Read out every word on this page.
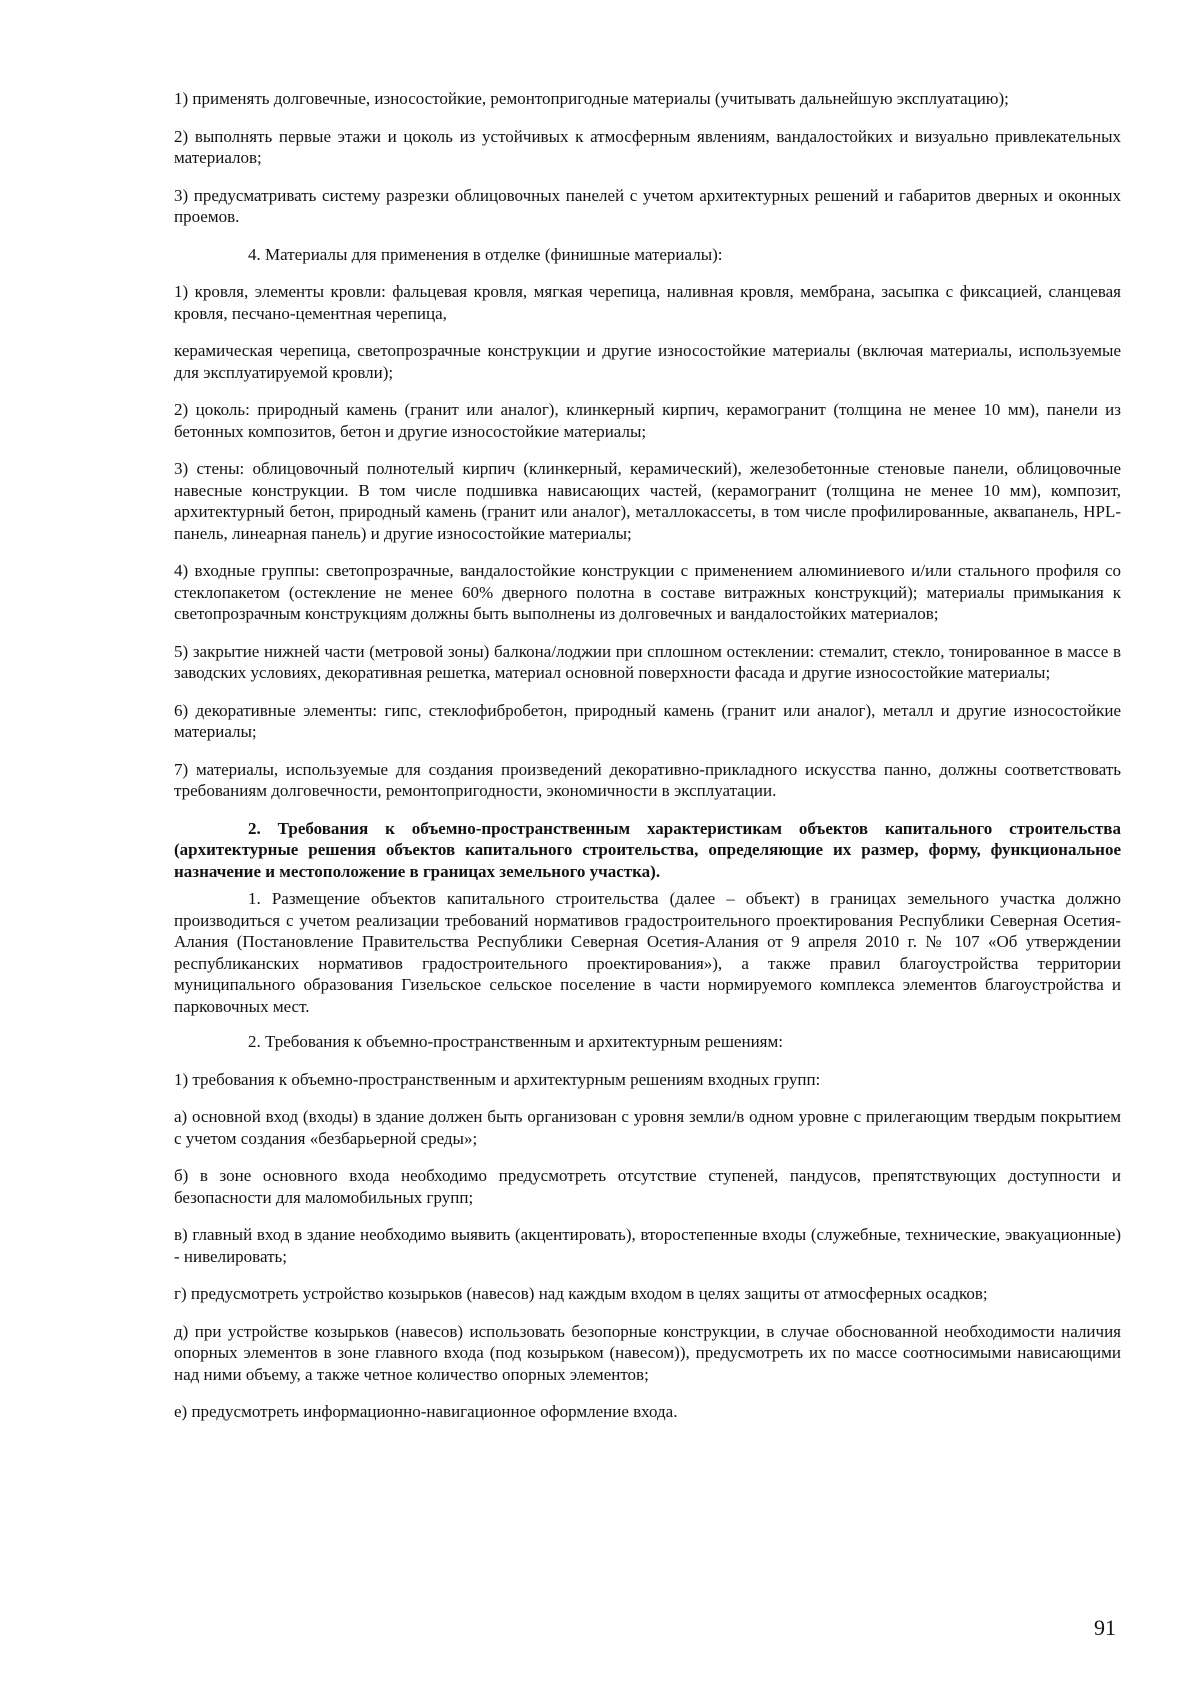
1) применять долговечные, износостойкие, ремонтопригодные материалы (учитывать дальнейшую эксплуатацию);

2) выполнять первые этажи и цоколь из устойчивых к атмосферным явлениям, вандалостойких и визуально привлекательных материалов;

3) предусматривать систему разрезки облицовочных панелей с учетом архитектурных решений и габаритов дверных и оконных проемов.

4. Материалы для применения в отделке (финишные материалы):

1) кровля, элементы кровли: фальцевая кровля, мягкая черепица, наливная кровля, мембрана, засыпка с фиксацией, сланцевая кровля, песчано-цементная черепица,

керамическая черепица, светопрозрачные конструкции и другие износостойкие материалы (включая материалы, используемые для эксплуатируемой кровли);

2) цоколь: природный камень (гранит или аналог), клинкерный кирпич, керамогранит (толщина не менее 10 мм), панели из бетонных композитов, бетон и другие износостойкие материалы;

3) стены: облицовочный полнотелый кирпич (клинкерный, керамический), железобетонные стеновые панели, облицовочные навесные конструкции. В том числе подшивка нависающих частей, (керамогранит (толщина не менее 10 мм), композит, архитектурный бетон, природный камень (гранит или аналог), металлокассеты, в том числе профилированные, аквапанель, HPL-панель, линеарная панель) и другие износостойкие материалы;

4) входные группы: светопрозрачные, вандалостойкие конструкции с применением алюминиевого и/или стального профиля со стеклопакетом (остекление не менее 60% дверного полотна в составе витражных конструкций); материалы примыкания к светопрозрачным конструкциям должны быть выполнены из долговечных и вандалостойких материалов;

5) закрытие нижней части (метровой зоны) балкона/лоджии при сплошном остеклении: стемалит, стекло, тонированное в массе в заводских условиях, декоративная решетка, материал основной поверхности фасада и другие износостойкие материалы;

6) декоративные элементы: гипс, стеклофибробетон, природный камень (гранит или аналог), металл и другие износостойкие материалы;

7) материалы, используемые для создания произведений декоративно-прикладного искусства панно, должны соответствовать требованиям долговечности, ремонтопригодности, экономичности в эксплуатации.

2. Требования к объемно-пространственным характеристикам объектов капитального строительства (архитектурные решения объектов капитального строительства, определяющие их размер, форму, функциональное назначение и местоположение в границах земельного участка).

1. Размещение объектов капитального строительства (далее – объект) в границах земельного участка должно производиться с учетом реализации требований нормативов градостроительного проектирования Республики Северная Осетия-Алания (Постановление Правительства Республики Северная Осетия-Алания от 9 апреля 2010 г. № 107 «Об утверждении республиканских нормативов градостроительного проектирования»), а также правил благоустройства территории муниципального образования Гизельское сельское поселение в части нормируемого комплекса элементов благоустройства и парковочных мест.

2. Требования к объемно-пространственным и архитектурным решениям:

1) требования к объемно-пространственным и архитектурным решениям входных групп:

а) основной вход (входы) в здание должен быть организован с уровня земли/в одном уровне с прилегающим твердым покрытием с учетом создания «безбарьерной среды»;

б) в зоне основного входа необходимо предусмотреть отсутствие ступеней, пандусов, препятствующих доступности и безопасности для маломобильных групп;

в) главный вход в здание необходимо выявить (акцентировать), второстепенные входы (служебные, технические, эвакуационные) - нивелировать;

г) предусмотреть устройство козырьков (навесов) над каждым входом в целях защиты от атмосферных осадков;

д) при устройстве козырьков (навесов) использовать безопорные конструкции, в случае обоснованной необходимости наличия опорных элементов в зоне главного входа (под козырьком (навесом)), предусмотреть их по массе соотносимыми нависающими над ними объему, а также четное количество опорных элементов;

е) предусмотреть информационно-навигационное оформление входа.

91
